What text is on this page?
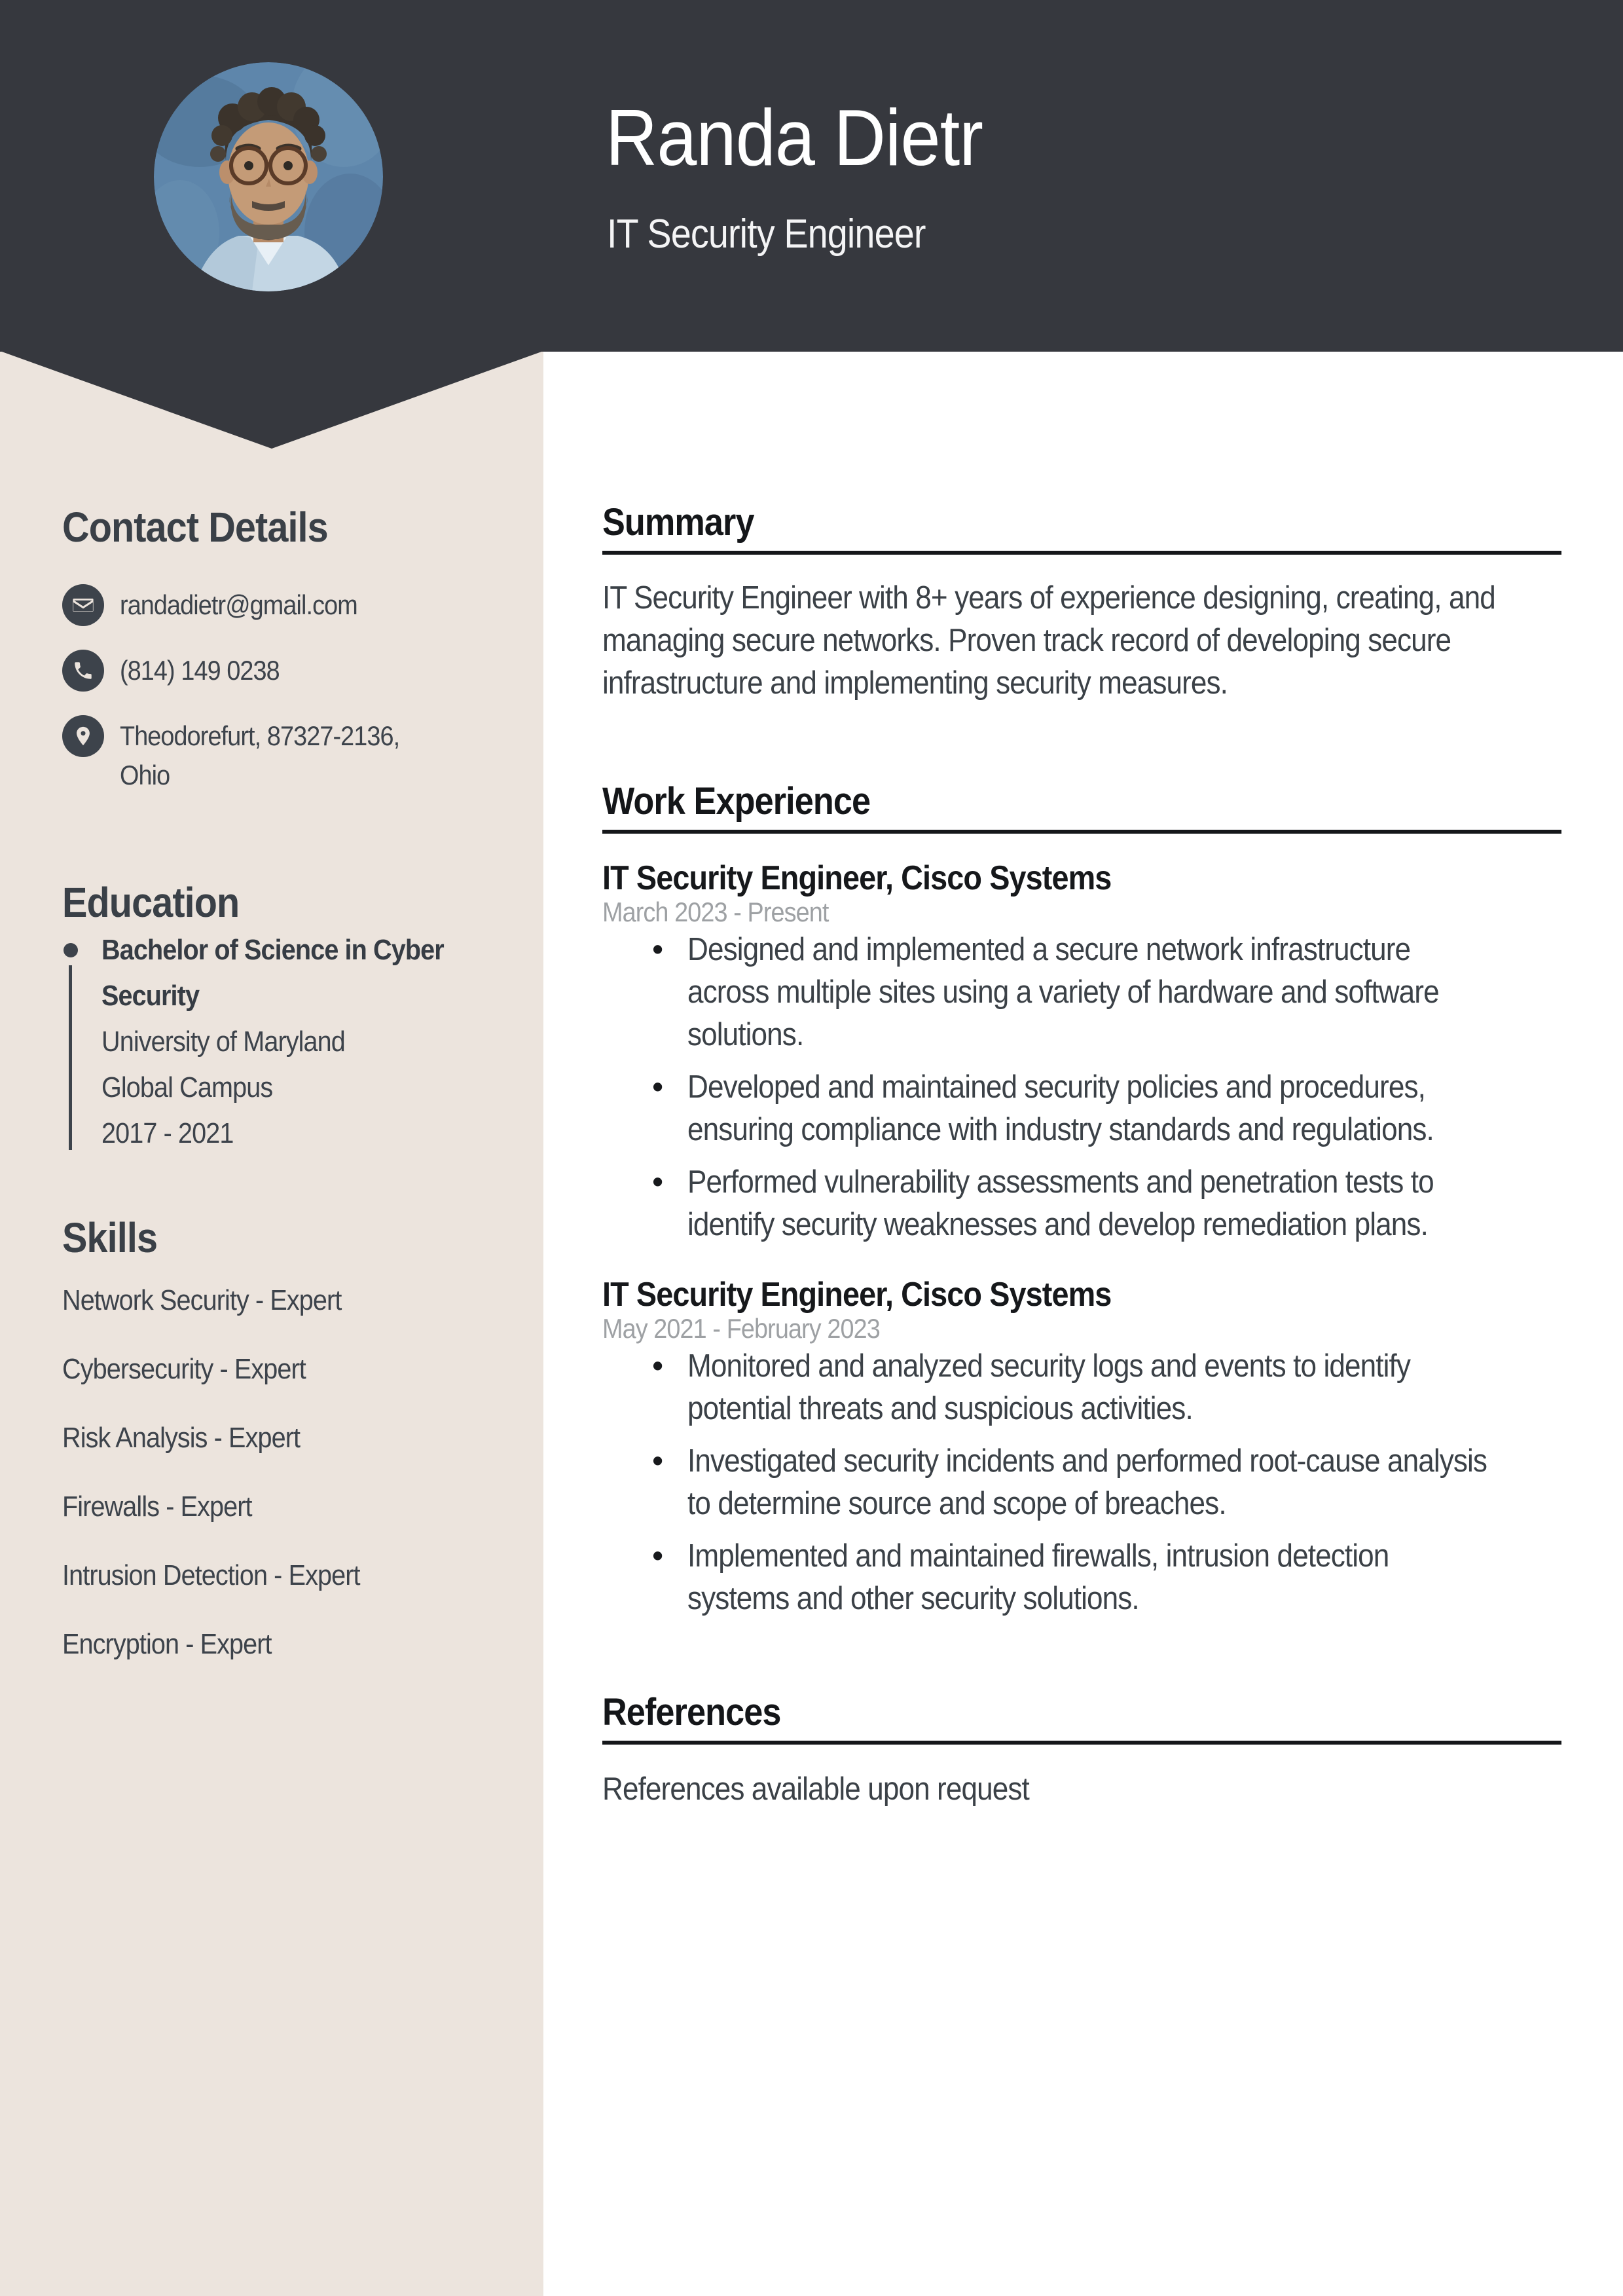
Randa Dietr
IT Security Engineer
Contact Details
randadietr@gmail.com
(814) 149 0238
Theodorefurt, 87327-2136,
Ohio
Education
Bachelor of Science in Cyber
Security
University of Maryland
Global Campus
2017 - 2021
Skills
Network Security - Expert
Cybersecurity - Expert
Risk Analysis - Expert
Firewalls - Expert
Intrusion Detection - Expert
Encryption - Expert
Summary
IT Security Engineer with 8+ years of experience designing, creating, and
managing secure networks. Proven track record of developing secure
infrastructure and implementing security measures.
Work Experience
IT Security Engineer, Cisco Systems
March 2023 - Present
• Designed and implemented a secure network infrastructure
across multiple sites using a variety of hardware and software
solutions.
• Developed and maintained security policies and procedures,
ensuring compliance with industry standards and regulations.
• Performed vulnerability assessments and penetration tests to
identify security weaknesses and develop remediation plans.
IT Security Engineer, Cisco Systems
May 2021 - February 2023
• Monitored and analyzed security logs and events to identify
potential threats and suspicious activities.
• Investigated security incidents and performed root-cause analysis
to determine source and scope of breaches.
• Implemented and maintained firewalls, intrusion detection
systems and other security solutions.
References
References available upon request
